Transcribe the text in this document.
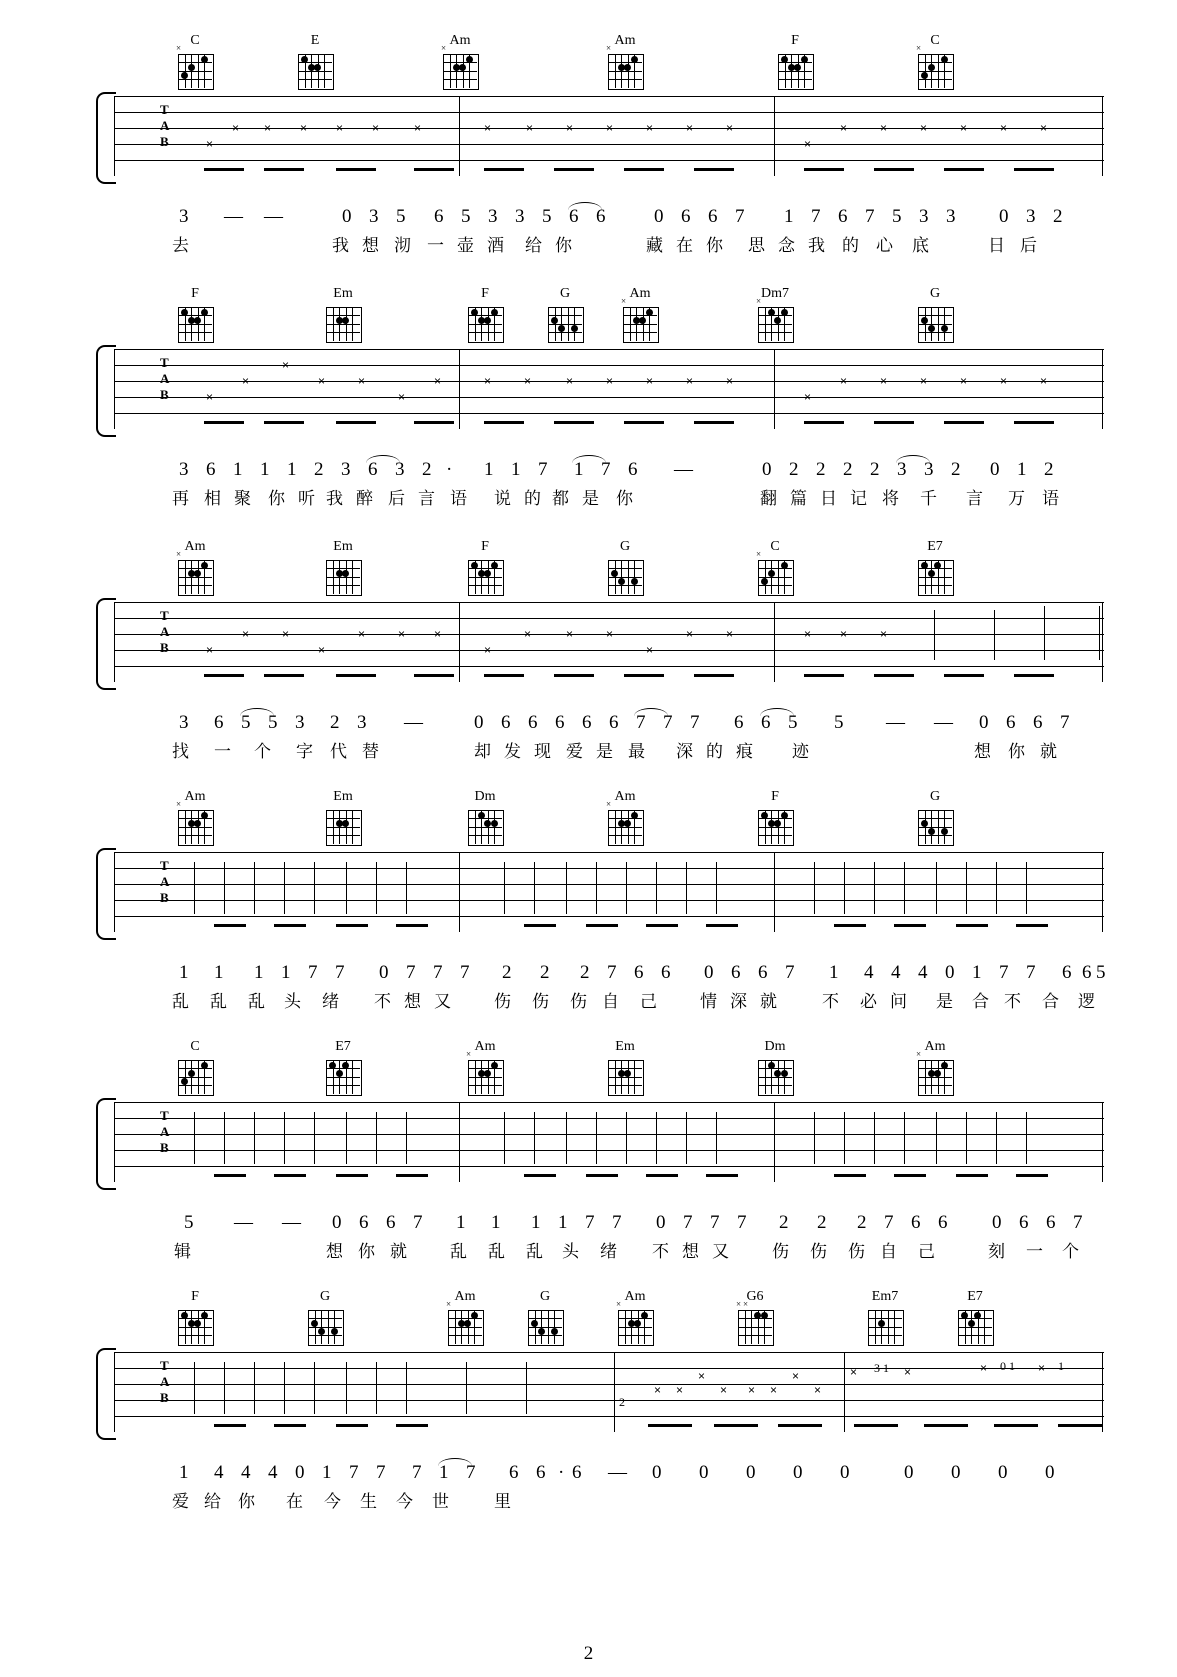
C
×	E	Am
×	Am
×	F	C
×
T
A
B	×
× × × × ×	×	×	×	×	×	×	×	×
×
×	×	×	×	×	×
3 — —	0 3 5 6 5 3 3 5 6 6	0 6 6 7 1 7 6 7 5 3 3 0 3 2
去	我 想 沏 一 壶 酒 给 你	藏 在 你 思 念 我 的 心 底	日 后
F	Em	F	G	Am
×	Dm7
×	G
T
A
B	×
×
×
×	×
×
×	×	×	×	×	×	×	×
×
×	×	×	×	×	×
3 6 1 1 1 2 3 6 3 2 · 1 1 7 1 7 6 —	0 2 2 2 2 3 3 2 0 1 2
再 相 聚 你 听 我 醉 后 言 语 说 的 都 是 你	翻 篇 日 记 将 千 言 万 语
Am
×	Em	F	G	C
×	E7
T
A
B	×
×	×
×
×	× ×
×
×	×	×
×
×	×	× ×	×
3 6 5 5 3 2 3 —	0 6 6 6 6 6 7 7 7 6 6 5 5 — — 0 6 6 7
找 一 个 字 代 替	却 发 现 爱 是 最 深 的 痕 迹	想 你 就
Am
×	Em	Dm	Am
×	F	G
T
A
B
1 1 1 1 7 7 0 7 7 7 2 2 2 7 6 6 0 6 6 7 1 4 4 4 0 1 7 7 6 6 5
乱 乱 乱 头 绪 不 想 又	伤 伤 伤 自 己	情 深 就	不 必 问 是 合 不 合 逻
C	E7	Am
×	Em	Dm	Am
×
T
A
B
5 — — 0 6 6 7 1 1 1 1 7 7 0 7 7 7 2 2 2 7 6 6 0 6 6 7
辑	想 你 就	乱 乱 乱 头 绪 不 想 又	伤 伤 伤 自 己	刻 一 个
F	G	Am
×	G	Am
×	G6
× ×	Em7	E7
T
A
B	× ×
×
× × ×
×
×
×	×	×	×
3 1	0 1	1
2
1 4 4 4 0 1 7 7 7 1 7 6 6 · 6 — 0 0 0 0 0	0 0 0 0
爱 给 你 在 今 生 今 世	里
2
